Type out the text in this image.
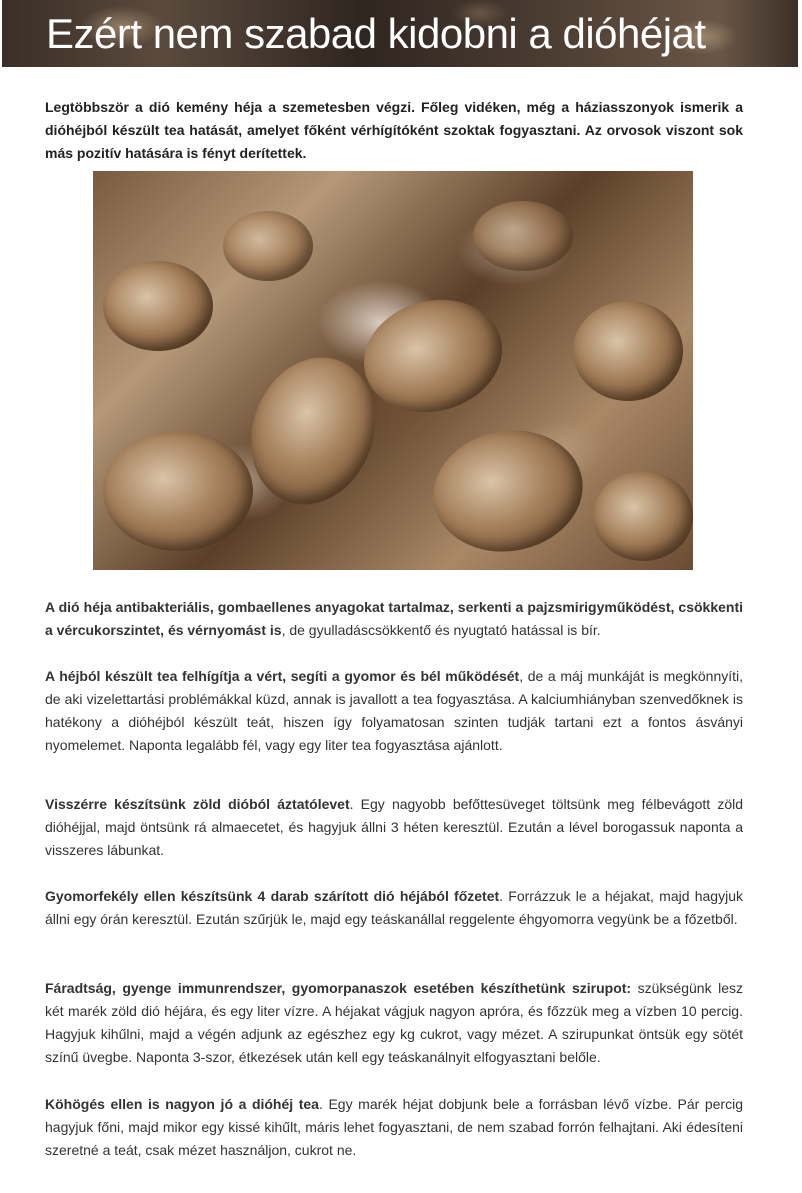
Ezért nem szabad kidobni a dióhéjat

Legtöbbször a dió kemény héja a szemetesben végzi. Főleg vidéken, még a háziasszonyok ismerik a dióhéjból készült tea hatását, amelyet főként vérhígítóként szoktak fogyasztani. Az orvosok viszont sok más pozitív hatására is fényt derítettek.

A dió héja antibakteriális, gombaellenes anyagokat tartalmaz, serkenti a pajzsmirigyműködést, csökkenti a vércukorszintet, és vérnyomást is, de gyulladáscsökkentő és nyugtató hatással is bír.

A héjból készült tea felhígítja a vért, segíti a gyomor és bél működését, de a máj munkáját is megkönnyíti, de aki vizelettartási problémákkal küzd, annak is javallott a tea fogyasztása. A kalciumhiányban szenvedőknek is hatékony a dióhéjból készült teát, hiszen így folyamatosan szinten tudják tartani ezt a fontos ásványi nyomelemet. Naponta legalább fél, vagy egy liter tea fogyasztása ajánlott.

Visszérre készítsünk zöld dióból áztatólevet. Egy nagyobb befőttesüveget töltsünk meg félbevágott zöld dióhéjjal, majd öntsünk rá almaecetet, és hagyjuk állni 3 héten keresztül. Ezután a lével borogassuk naponta a visszeres lábunkat.

Gyomorfekély ellen készítsünk 4 darab szárított dió héjából főzetet. Forrázzuk le a héjakat, majd hagyjuk állni egy órán keresztül. Ezután szűrjük le, majd egy teáskanállal reggelente éhgyomorra vegyünk be a főzetből.

Fáradtság, gyenge immunrendszer, gyomorpanaszok esetében készíthetünk szirupot: szükségünk lesz két marék zöld dió héjára, és egy liter vízre. A héjakat vágjuk nagyon apróra, és főzzük meg a vízben 10 percig. Hagyjuk kihűlni, majd a végén adjunk az egészhez egy kg cukrot, vagy mézet. A szirupunkat öntsük egy sötét színű üvegbe. Naponta 3-szor, étkezések után kell egy teáskanálnyit elfogyasztani belőle.

Köhögés ellen is nagyon jó a dióhéj tea. Egy marék héjat dobjunk bele a forrásban lévő vízbe. Pár percig hagyjuk főni, majd mikor egy kissé kihűlt, máris lehet fogyasztani, de nem szabad forrón felhajtani. Aki édesíteni szeretné a teát, csak mézet használjon, cukrot ne.
